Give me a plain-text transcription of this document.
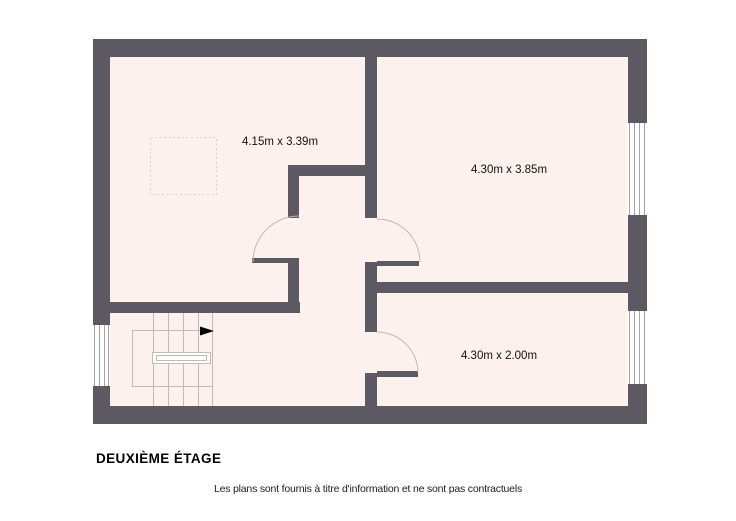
4.15m x 3.39m
4.30m x 3.85m
4.30m x 2.00m
DEUXIÈME ÉTAGE
Les plans sont fournis à titre d'information et ne sont pas contractuels
